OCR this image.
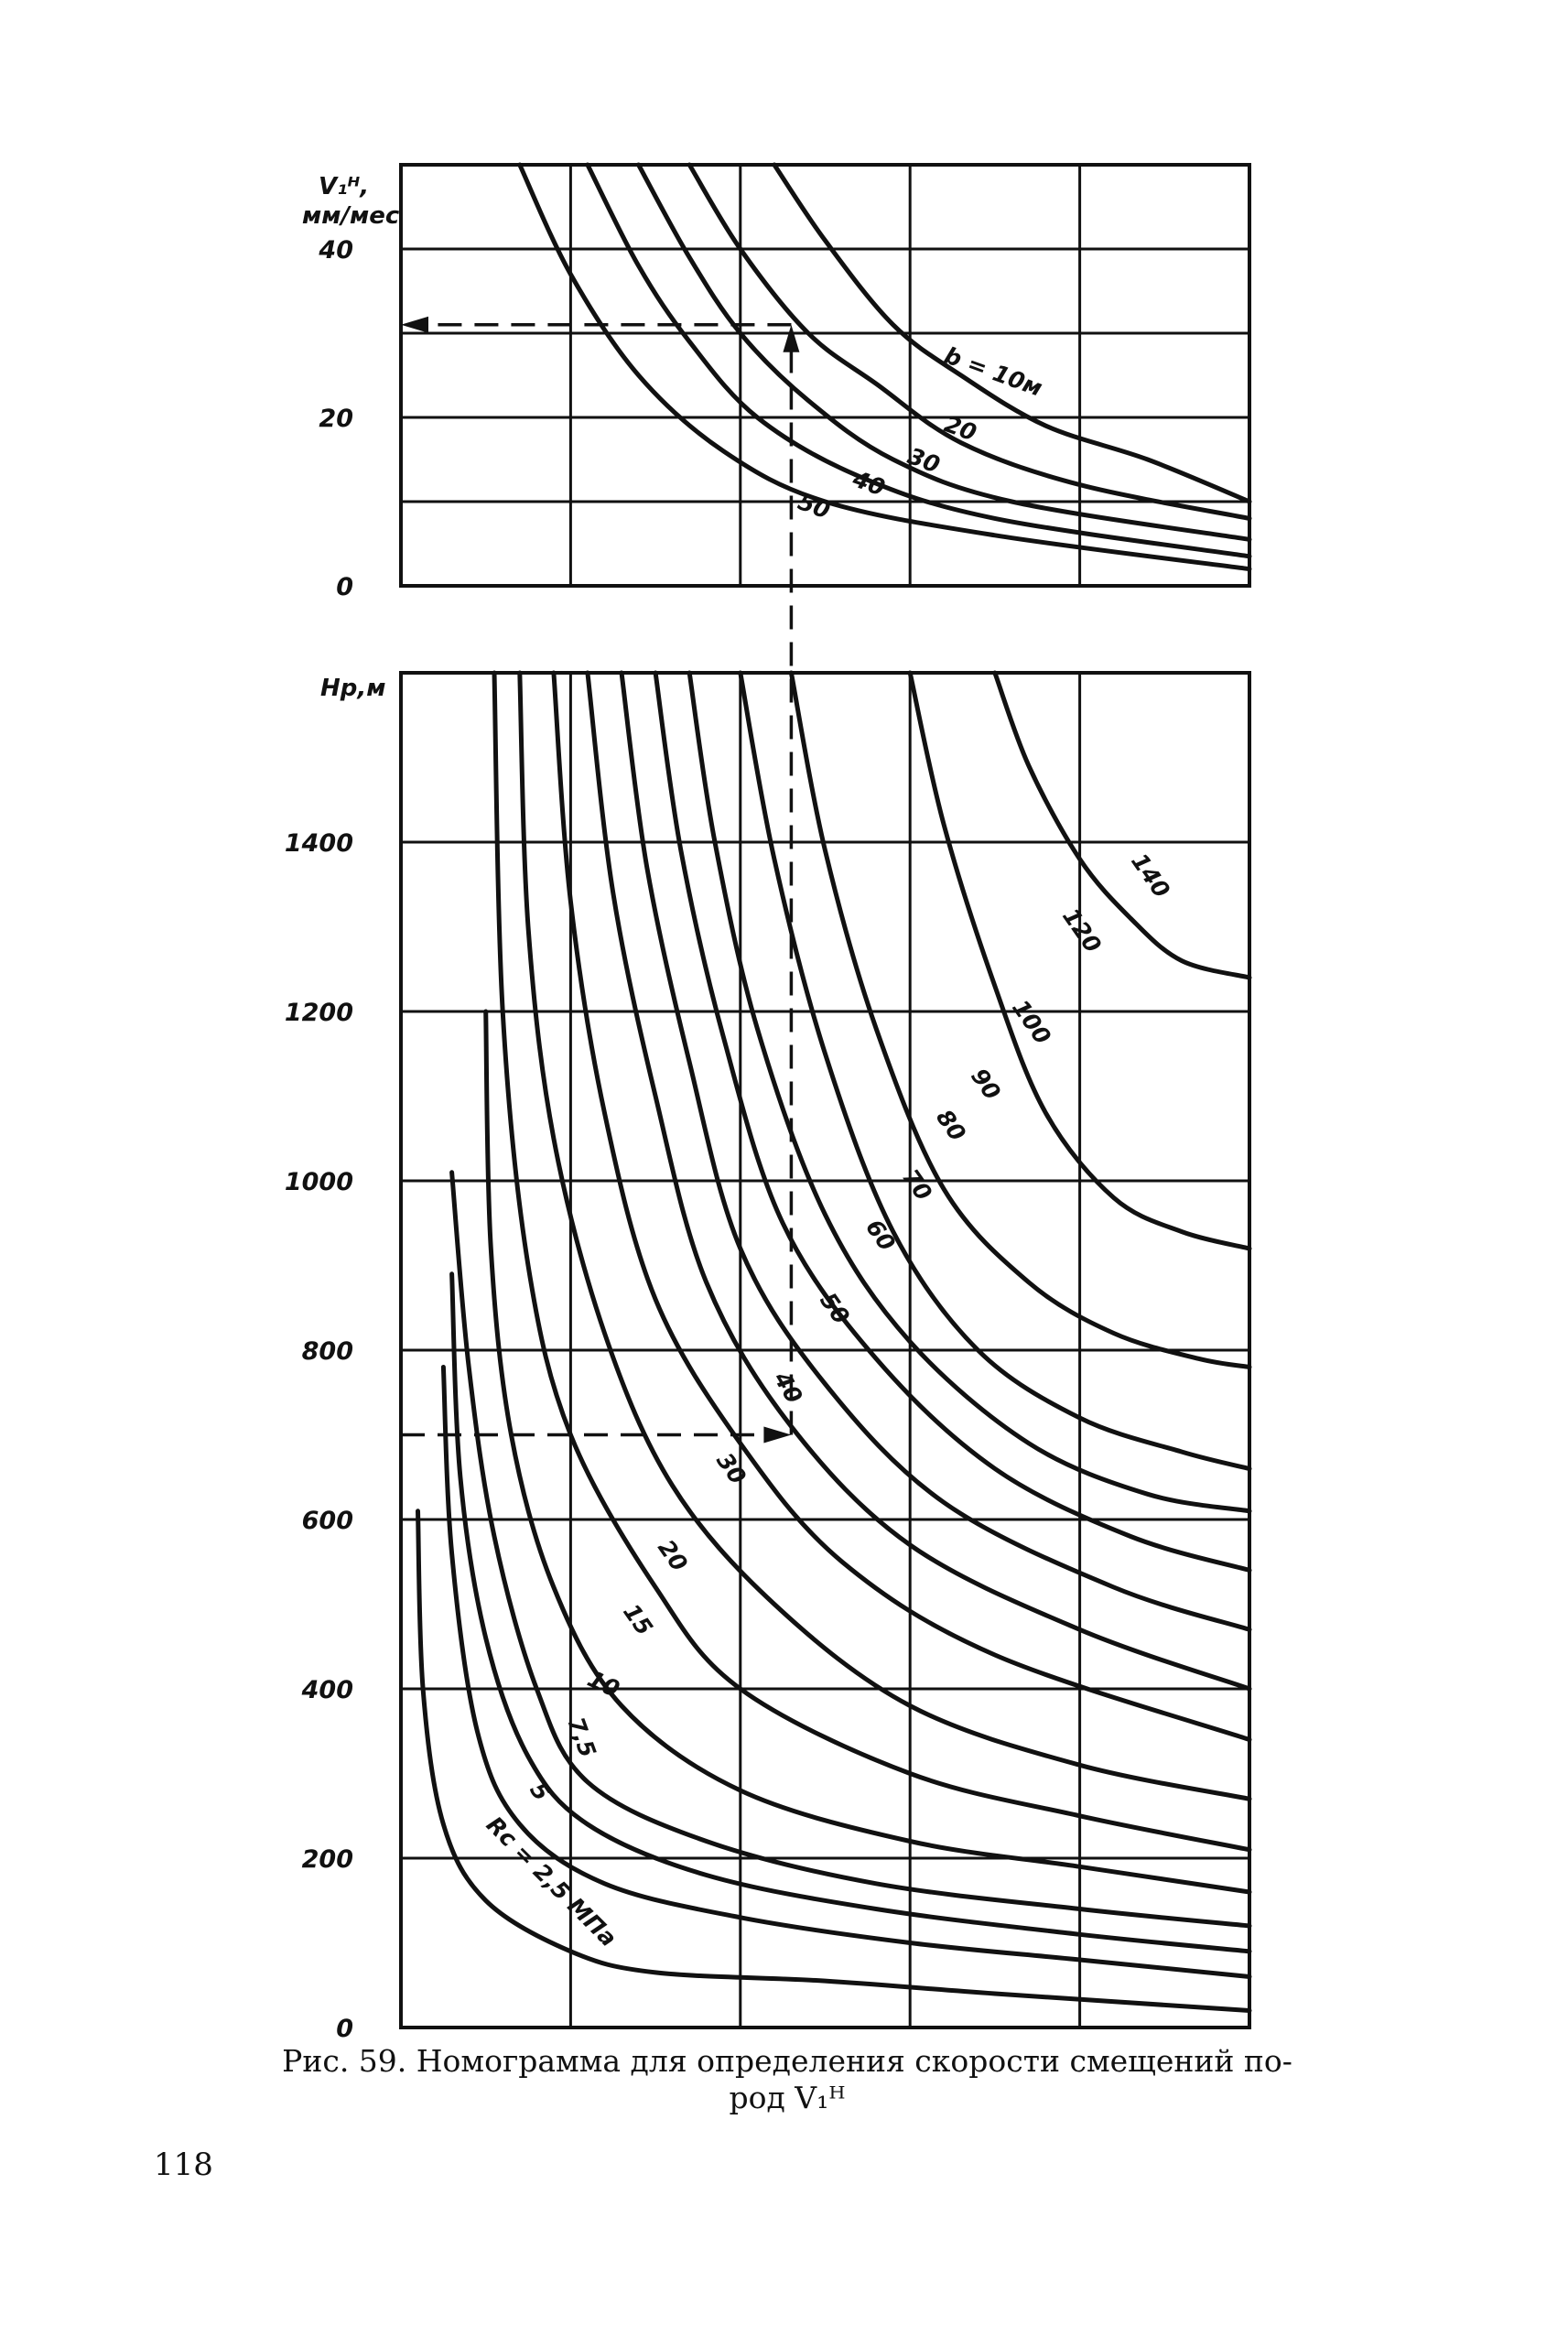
0
20
40
V₁ᴴ,
мм/мес
b = 10м
20
30
40
50
0
200
400
600
800
1000
1200
1400
Hр,м
Rc = 2,5 МПа
5
7,5
10
15
20
30
40
50
60
70
80
90
100
120
140
Рис. 59. Номограмма для определения скорости смещений по-
род V₁ᴴ
118
